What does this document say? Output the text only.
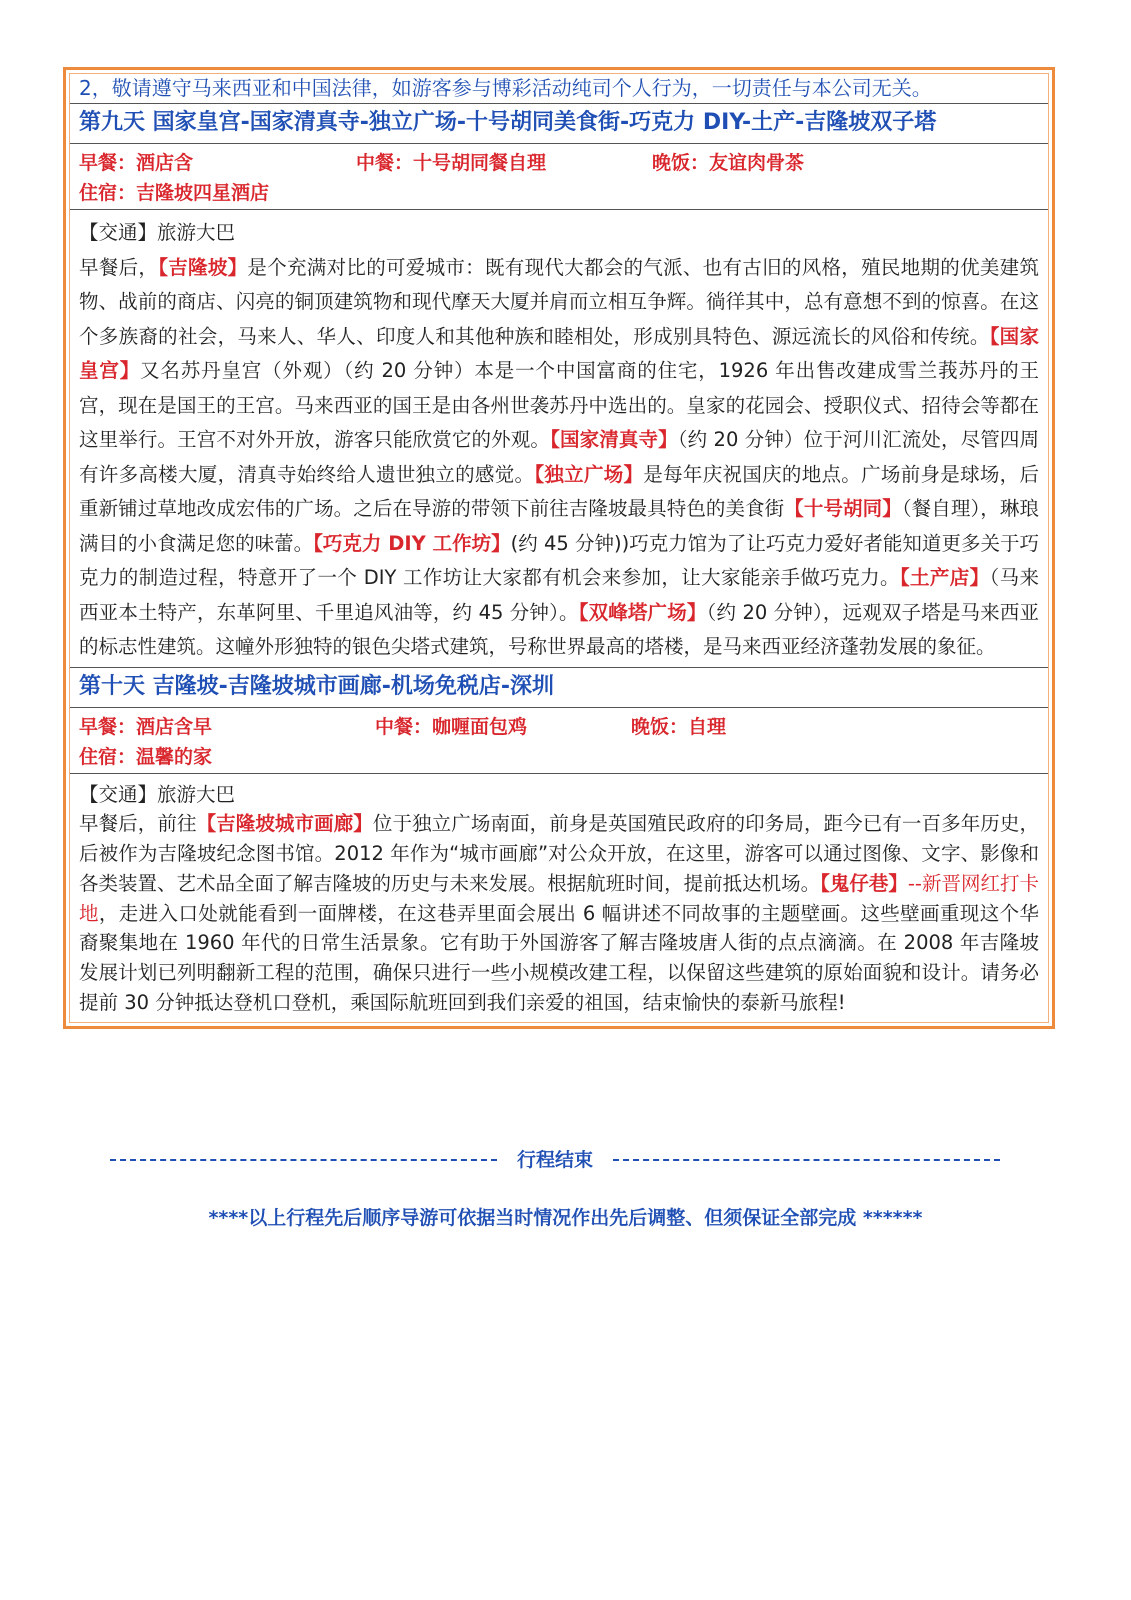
2，敬请遵守马来西亚和中国法律，如游客参与博彩活动纯司个人行为，一切责任与本公司无关。
第九天 国家皇宫-国家清真寺-独立广场-十号胡同美食街-巧克力 DIY-土产-吉隆坡双子塔
早餐：酒店含	中餐：十号胡同餐自理	晚饭：友谊肉骨茶
住宿：吉隆坡四星酒店
【交通】旅游大巴
早餐后，【吉隆坡】是个充满对比的可爱城市：既有现代大都会的气派、也有古旧的风格，殖民地期的优美建筑物、战前的商店、闪亮的铜顶建筑物和现代摩天大厦并肩而立相互争辉。徜徉其中，总有意想不到的惊喜。在这个多族裔的社会，马来人、华人、印度人和其他种族和睦相处，形成别具特色、源远流长的风俗和传统。【国家皇宫】又名苏丹皇宫（外观）（约 20 分钟）本是一个中国富商的住宅，1926 年出售改建成雪兰莪苏丹的王宫，现在是国王的王宫。马来西亚的国王是由各州世袭苏丹中选出的。皇家的花园会、授职仪式、招待会等都在这里举行。王宫不对外开放，游客只能欣赏它的外观。【国家清真寺】（约 20 分钟）位于河川汇流处，尽管四周有许多高楼大厦，清真寺始终给人遗世独立的感觉。【独立广场】是每年庆祝国庆的地点。广场前身是球场，后重新铺过草地改成宏伟的广场。之后在导游的带领下前往吉隆坡最具特色的美食街【十号胡同】（餐自理），琳琅满目的小食满足您的味蕾。【巧克力 DIY 工作坊】(约 45 分钟))巧克力馆为了让巧克力爱好者能知道更多关于巧克力的制造过程，特意开了一个 DIY 工作坊让大家都有机会来参加，让大家能亲手做巧克力。【土产店】（马来西亚本土特产，东革阿里、千里追风油等，约 45 分钟）。【双峰塔广场】（约 20 分钟），远观双子塔是马来西亚的标志性建筑。这幢外形独特的银色尖塔式建筑，号称世界最高的塔楼，是马来西亚经济蓬勃发展的象征。
第十天 吉隆坡-吉隆坡城市画廊-机场免税店-深圳
早餐：酒店含早	中餐：咖喱面包鸡	晚饭：自理
住宿：温馨的家
【交通】旅游大巴
早餐后，前往【吉隆坡城市画廊】位于独立广场南面，前身是英国殖民政府的印务局，距今已有一百多年历史，后被作为吉隆坡纪念图书馆。2012 年作为“城市画廊”对公众开放，在这里，游客可以通过图像、文字、影像和各类装置、艺术品全面了解吉隆坡的历史与未来发展。根据航班时间，提前抵达机场。【鬼仔巷】--新晋网红打卡地，走进入口处就能看到一面牌楼，在这巷弄里面会展出 6 幅讲述不同故事的主题壁画。这些壁画重现这个华裔聚集地在 1960 年代的日常生活景象。它有助于外国游客了解吉隆坡唐人街的点点滴滴。在 2008 年吉隆坡发展计划已列明翻新工程的范围，确保只进行一些小规模改建工程，以保留这些建筑的原始面貌和设计。请务必提前 30 分钟抵达登机口登机，乘国际航班回到我们亲爱的祖国，结束愉快的泰新马旅程!
行程结束
****以上行程先后顺序导游可依据当时情况作出先后调整、但须保证全部完成 ******
